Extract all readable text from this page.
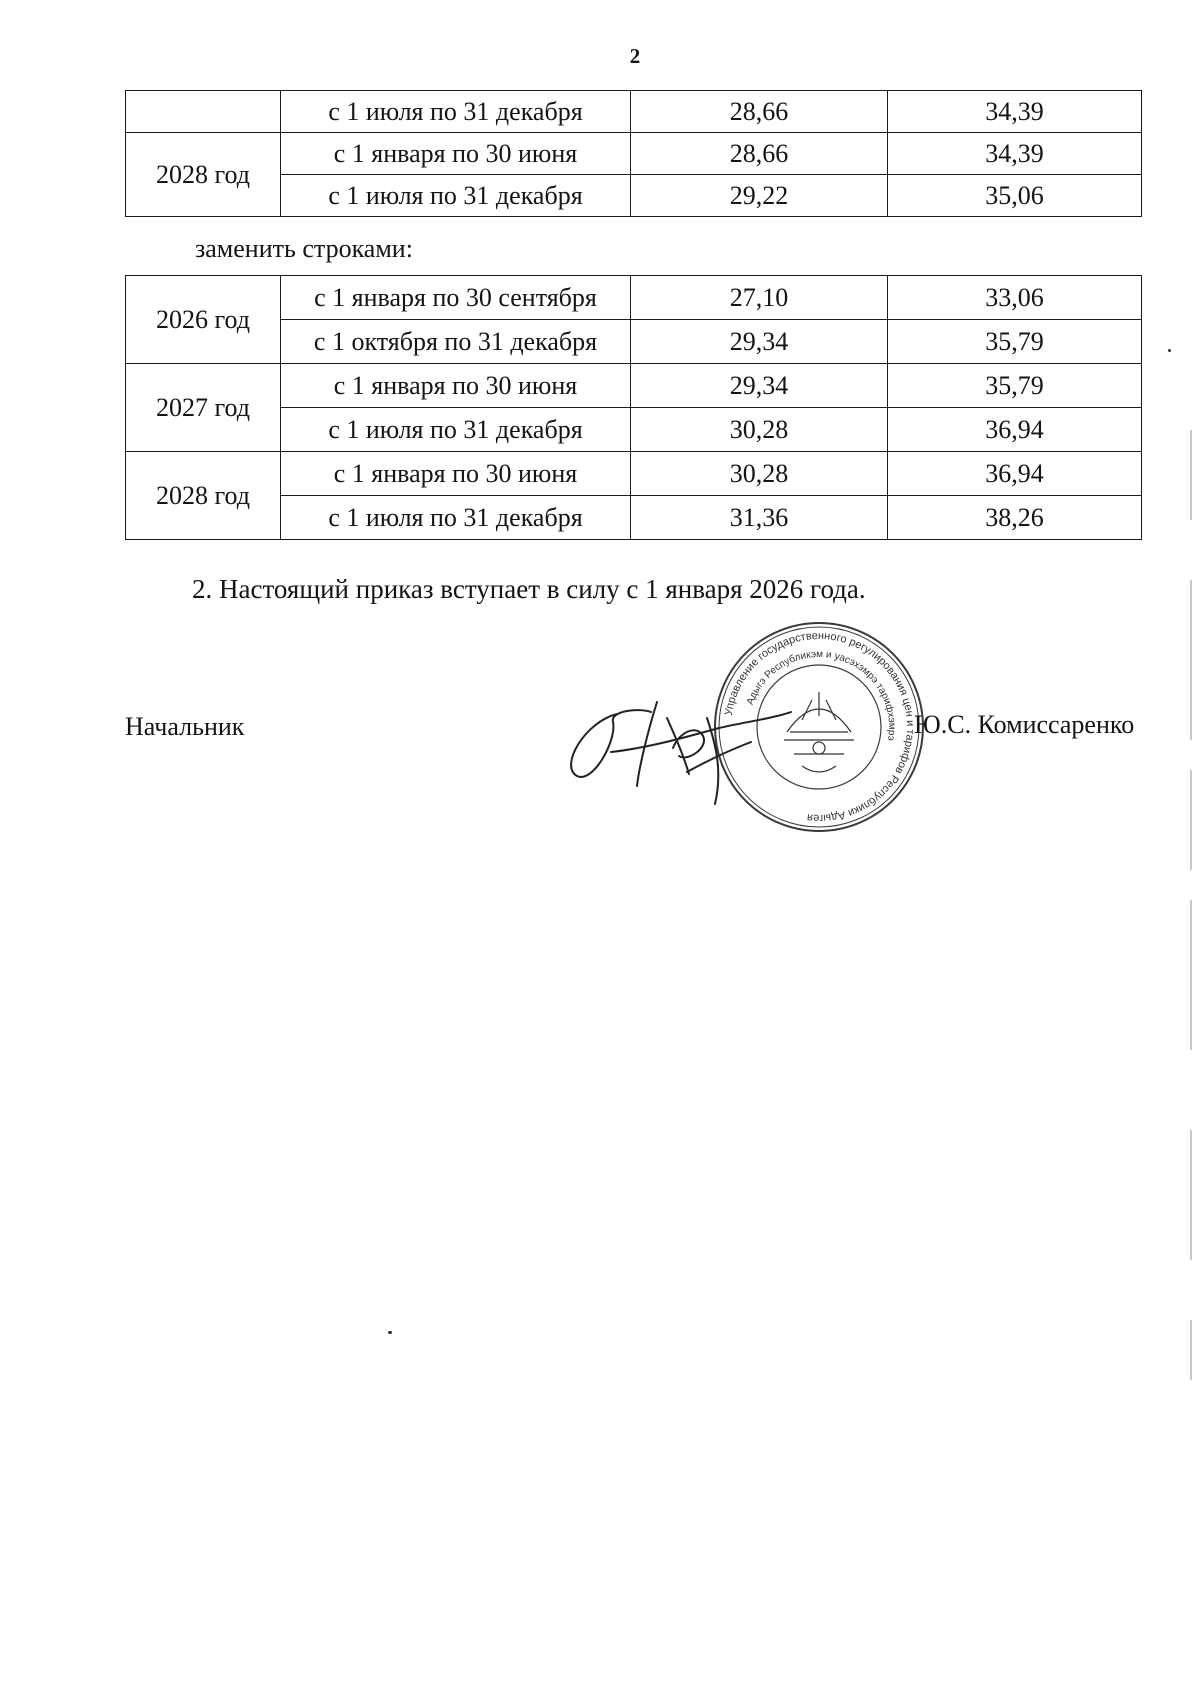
2
	с 1 июля по 31 декабря	28,66	34,39
2028 год	с 1 января по 30 июня	28,66	34,39
	с 1 июля по 31 декабря	29,22	35,06
заменить строками:
2026 год	с 1 января по 30 сентября	27,10	33,06
	с 1 октября по 31 декабря	29,34	35,79
2027 год	с 1 января по 30 июня	29,34	35,79
	с 1 июля по 31 декабря	30,28	36,94
2028 год	с 1 января по 30 июня	30,28	36,94
	с 1 июля по 31 декабря	31,36	38,26
2. Настоящий приказ вступает в силу с 1 января 2026 года.
Начальник	Управление государственного регулирования цен и тарифов Республики Адыгея
Адыгэ Республикэм и уасэхэмрэ тарифхэмрэ Ю.С. Комиссаренко
